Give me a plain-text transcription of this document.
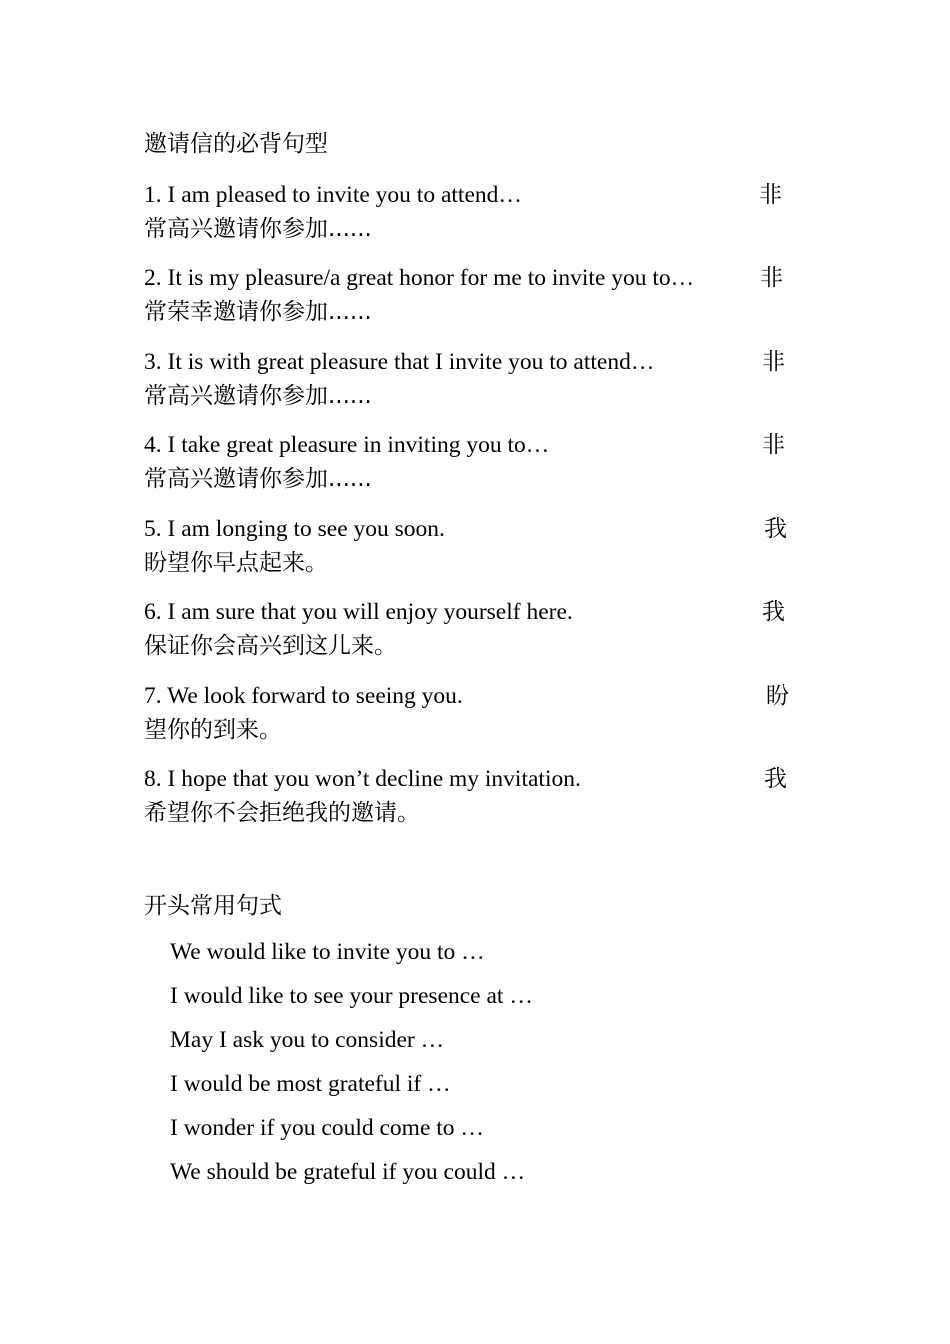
邀请信的必背句型
1. I am pleased to invite you to attend…	非
常高兴邀请你参加......
2. It is my pleasure/a great honor for me to invite you to…	非
常荣幸邀请你参加......
3. It is with great pleasure that I invite you to attend…	非
常高兴邀请你参加......
4. I take great pleasure in inviting you to…	非
常高兴邀请你参加......
5. I am longing to see you soon.	我
盼望你早点起来。
6. I am sure that you will enjoy yourself here.	我
保证你会高兴到这儿来。
7. We look forward to seeing you.	盼
望你的到来。
8. I hope that you won’t decline my invitation.	我
希望你不会拒绝我的邀请。
开头常用句式
We would like to invite you to …
I would like to see your presence at …
May I ask you to consider …
I would be most grateful if …
I wonder if you could come to …
We should be grateful if you could …
